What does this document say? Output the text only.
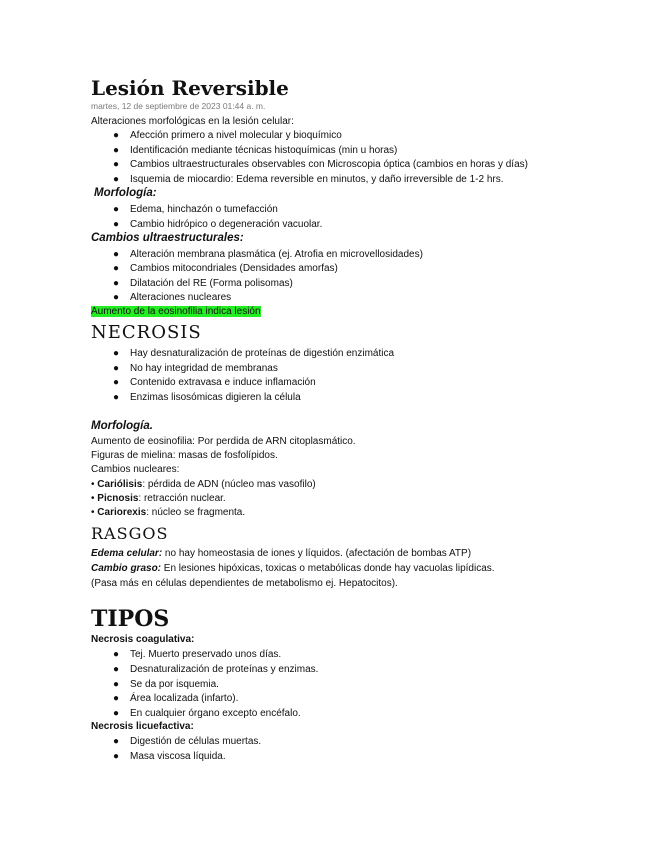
Lesión Reversible
martes, 12 de septiembre de 2023 01:44 a. m.
Alteraciones morfológicas en la lesión celular:
● Afección primero a nivel molecular y bioquímico
● Identificación mediante técnicas histoquímicas (min u horas)
● Cambios ultraestructurales observables con Microscopia óptica (cambios en horas y días)
● Isquemia de miocardio: Edema reversible en minutos, y daño irreversible de 1-2 hrs.
Morfología:
● Edema, hinchazón o tumefacción
● Cambio hidrópico o degeneración vacuolar.
Cambios ultraestructurales:
● Alteración membrana plasmática (ej. Atrofia en microvellosidades)
● Cambios mitocondriales (Densidades amorfas)
● Dilatación del RE (Forma polisomas)
● Alteraciones nucleares
Aumento de la eosinofilia indica lesión
NECROSIS
● Hay desnaturalización de proteínas de digestión enzimática
● No hay integridad de membranas
● Contenido extravasa e induce inflamación
● Enzimas lisosómicas digieren la célula
Morfología.
Aumento de eosinofilia: Por perdida de ARN citoplasmático.
Figuras de mielina: masas de fosfolípidos.
Cambios nucleares:
• Cariólisis: pérdida de ADN (núcleo mas vasofilo)
• Picnosis: retracción nuclear.
• Cariorexis: núcleo se fragmenta.
RASGOS
Edema celular: no hay homeostasia de iones y líquidos. (afectación de bombas ATP)
Cambio graso: En lesiones hipóxicas, toxicas o metabólicas donde hay vacuolas lipídicas.
(Pasa más en células dependientes de metabolismo ej. Hepatocitos).
TIPOS
Necrosis coagulativa:
● Tej. Muerto preservado unos días.
● Desnaturalización de proteínas y enzimas.
● Se da por isquemia.
● Área localizada (infarto).
● En cualquier órgano excepto encéfalo.
Necrosis licuefactiva:
● Digestión de células muertas.
● Masa viscosa líquida.
